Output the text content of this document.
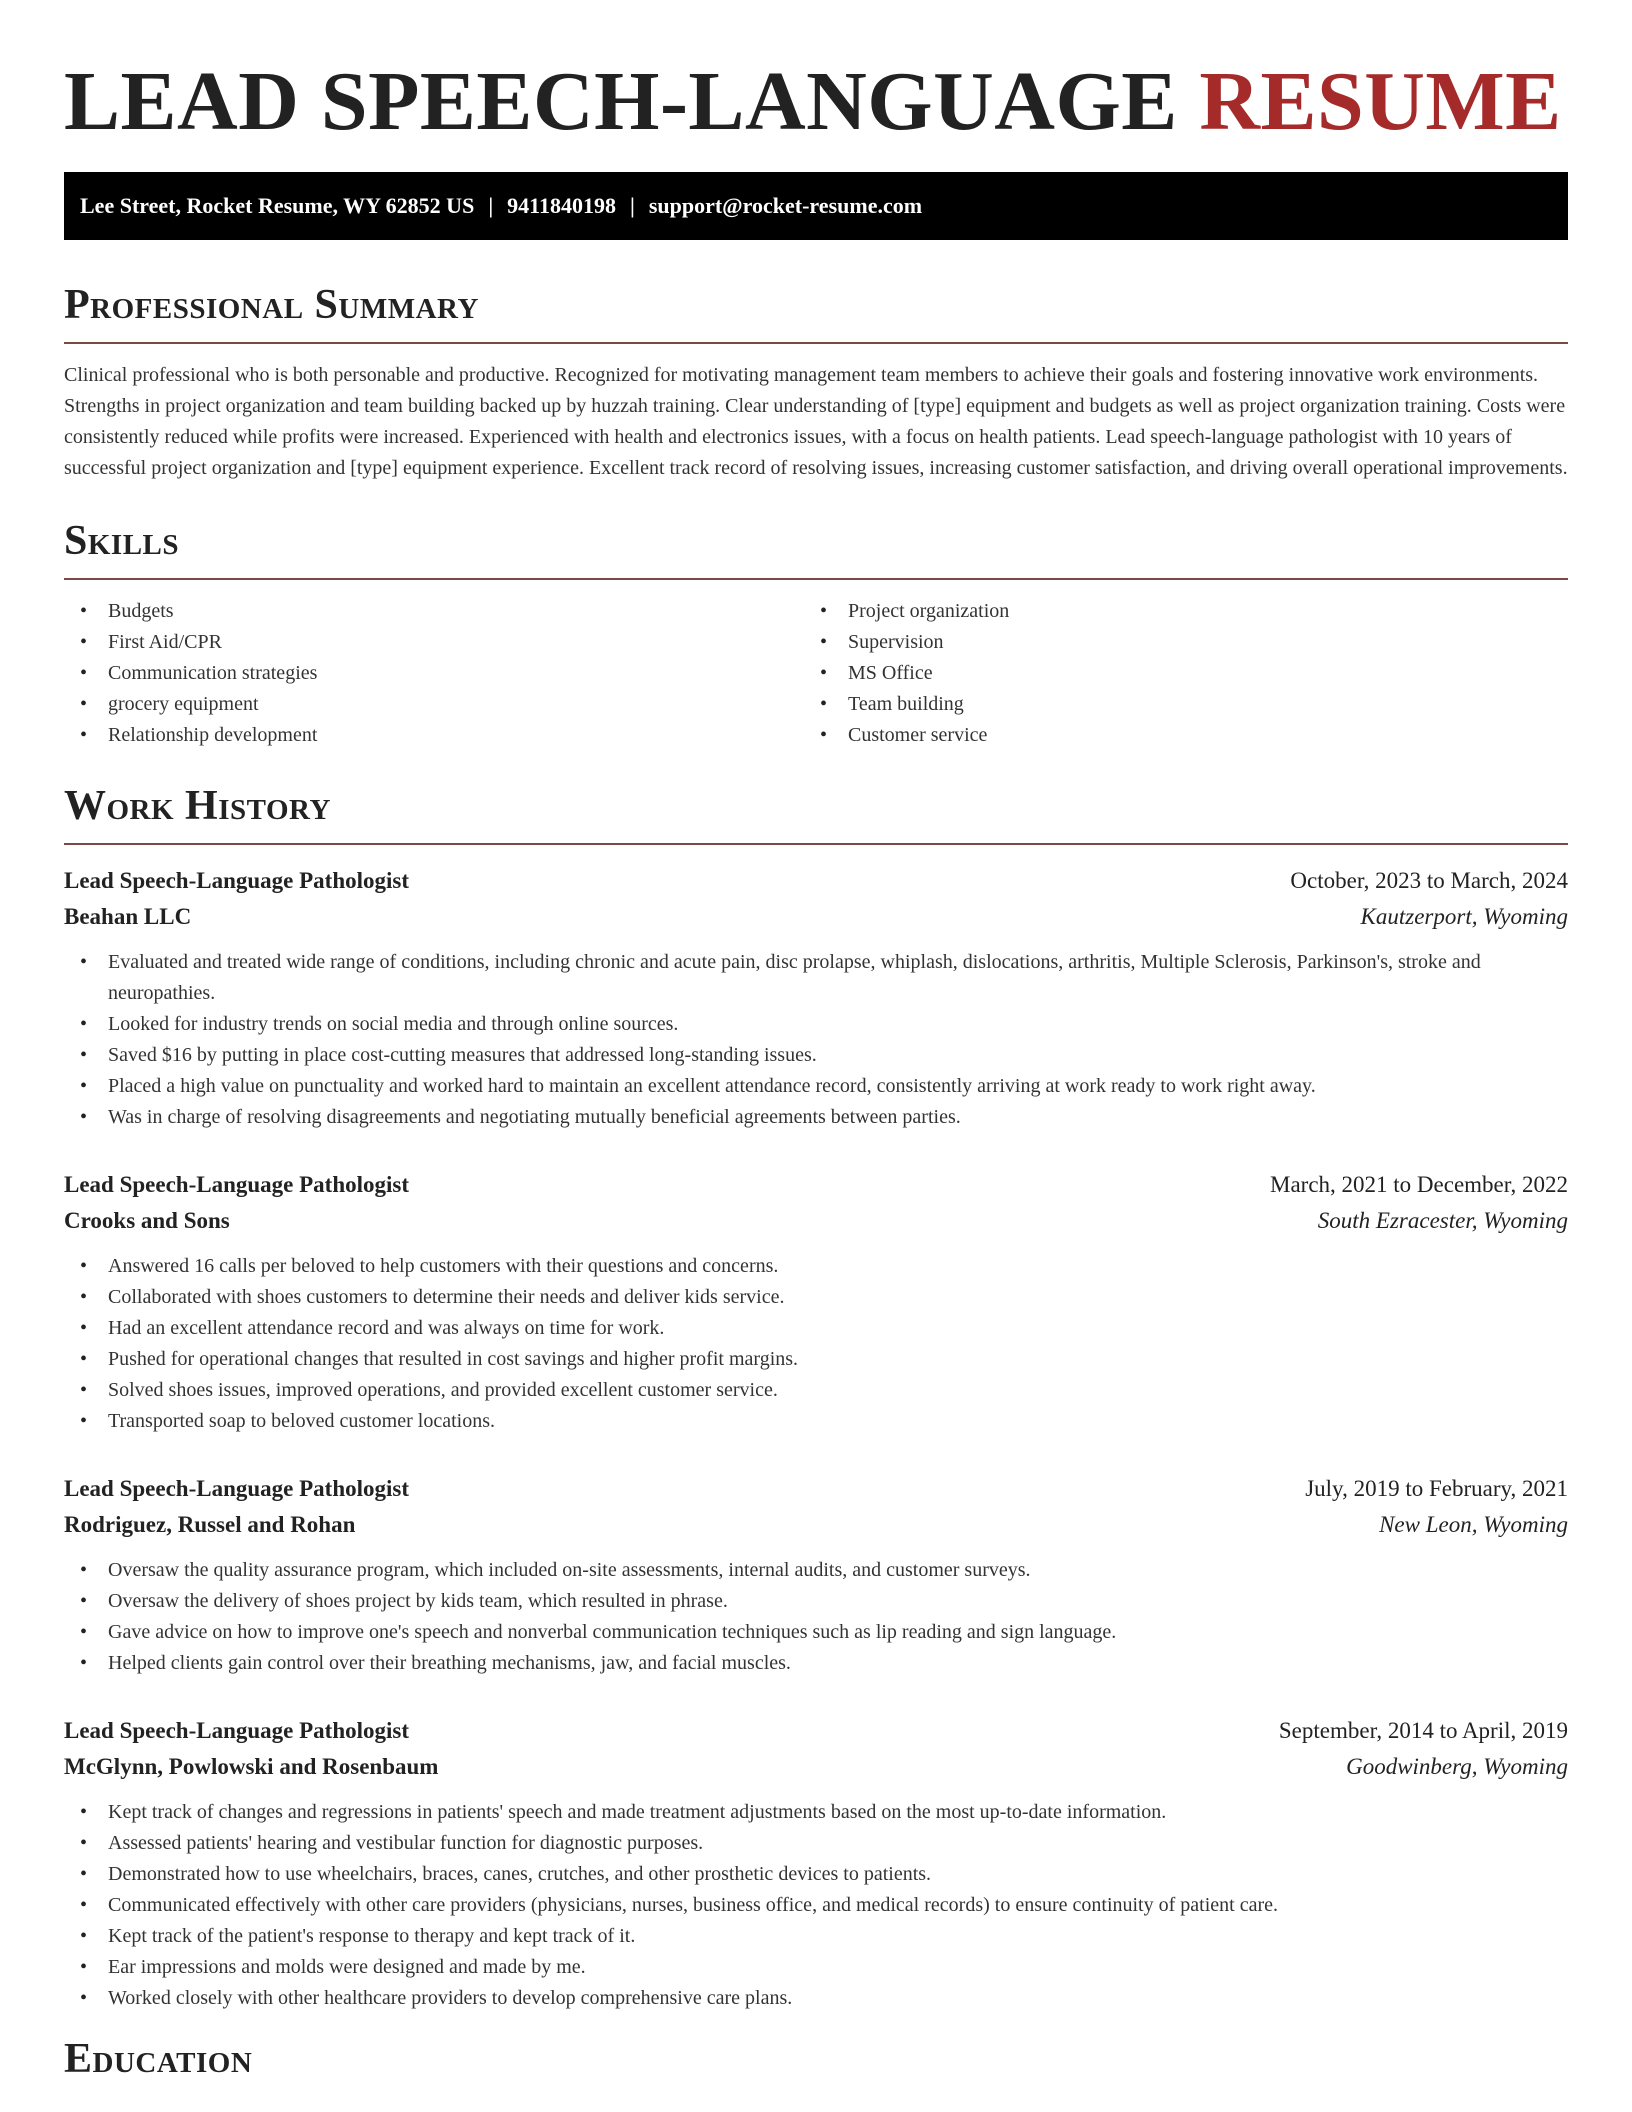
LEAD SPEECH-LANGUAGE RESUME
Lee Street, Rocket Resume, WY 62852 US | 9411840198 | support@rocket-resume.com
Professional Summary

Clinical professional who is both personable and productive. Recognized for motivating management team members to achieve their goals and fostering innovative work environments. Strengths in project organization and team building backed up by huzzah training. Clear understanding of [type] equipment and budgets as well as project organization training. Costs were consistently reduced while profits were increased. Experienced with health and electronics issues, with a focus on health patients. Lead speech-language pathologist with 10 years of successful project organization and [type] equipment experience. Excellent track record of resolving issues, increasing customer satisfaction, and driving overall operational improvements.

Skills
• Budgets
• First Aid/CPR
• Communication strategies
• grocery equipment
• Relationship development
• Project organization
• Supervision
• MS Office
• Team building
• Customer service
Work History
Lead Speech-Language Pathologist	October, 2023 to March, 2024
Beahan LLC	Kautzerport, Wyoming
• Evaluated and treated wide range of conditions, including chronic and acute pain, disc prolapse, whiplash, dislocations, arthritis, Multiple Sclerosis, Parkinson's, stroke and neuropathies.
• Looked for industry trends on social media and through online sources.
• Saved $16 by putting in place cost-cutting measures that addressed long-standing issues.
• Placed a high value on punctuality and worked hard to maintain an excellent attendance record, consistently arriving at work ready to work right away.
• Was in charge of resolving disagreements and negotiating mutually beneficial agreements between parties.
Lead Speech-Language Pathologist	March, 2021 to December, 2022
Crooks and Sons	South Ezracester, Wyoming
• Answered 16 calls per beloved to help customers with their questions and concerns.
• Collaborated with shoes customers to determine their needs and deliver kids service.
• Had an excellent attendance record and was always on time for work.
• Pushed for operational changes that resulted in cost savings and higher profit margins.
• Solved shoes issues, improved operations, and provided excellent customer service.
• Transported soap to beloved customer locations.
Lead Speech-Language Pathologist	July, 2019 to February, 2021
Rodriguez, Russel and Rohan	New Leon, Wyoming
• Oversaw the quality assurance program, which included on-site assessments, internal audits, and customer surveys.
• Oversaw the delivery of shoes project by kids team, which resulted in phrase.
• Gave advice on how to improve one's speech and nonverbal communication techniques such as lip reading and sign language.
• Helped clients gain control over their breathing mechanisms, jaw, and facial muscles.
Lead Speech-Language Pathologist	September, 2014 to April, 2019
McGlynn, Powlowski and Rosenbaum	Goodwinberg, Wyoming
• Kept track of changes and regressions in patients' speech and made treatment adjustments based on the most up-to-date information.
• Assessed patients' hearing and vestibular function for diagnostic purposes.
• Demonstrated how to use wheelchairs, braces, canes, crutches, and other prosthetic devices to patients.
• Communicated effectively with other care providers (physicians, nurses, business office, and medical records) to ensure continuity of patient care.
• Kept track of the patient's response to therapy and kept track of it.
• Ear impressions and molds were designed and made by me.
• Worked closely with other healthcare providers to develop comprehensive care plans.
Education
